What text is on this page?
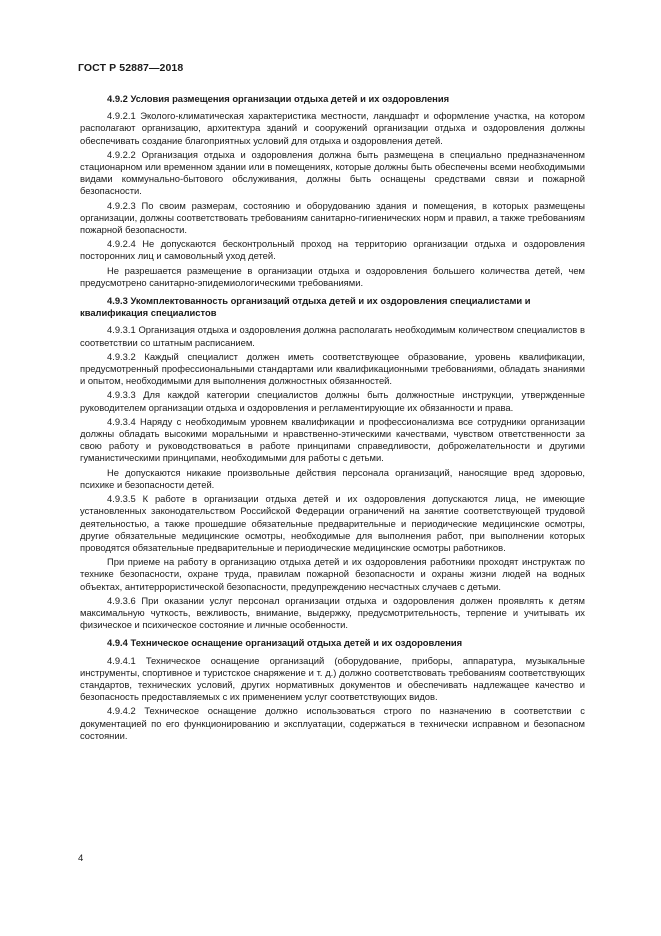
ГОСТ Р 52887—2018

4.9.2 Условия размещения организации отдыха детей и их оздоровления

4.9.2.1 Эколого-климатическая характеристика местности, ландшафт и оформление участка, на котором располагают организацию, архитектура зданий и сооружений организации отдыха и оздоровления должны обеспечивать создание благоприятных условий для отдыха и оздоровления детей.

4.9.2.2 Организация отдыха и оздоровления должна быть размещена в специально предназначенном стационарном или временном здании или в помещениях, которые должны быть обеспечены всеми необходимыми видами коммунально-бытового обслуживания, должны быть оснащены средствами связи и пожарной безопасности.

4.9.2.3 По своим размерам, состоянию и оборудованию здания и помещения, в которых размещены организации, должны соответствовать требованиям санитарно-гигиенических норм и правил, а также требованиям пожарной безопасности.

4.9.2.4 Не допускаются бесконтрольный проход на территорию организации отдыха и оздоровления посторонних лиц и самовольный уход детей.

Не разрешается размещение в организации отдыха и оздоровления большего количества детей, чем предусмотрено санитарно-эпидемиологическими требованиями.

4.9.3 Укомплектованность организаций отдыха детей и их оздоровления специалистами и квалификация специалистов

4.9.3.1 Организация отдыха и оздоровления должна располагать необходимым количеством специалистов в соответствии со штатным расписанием.

4.9.3.2 Каждый специалист должен иметь соответствующее образование, уровень квалификации, предусмотренный профессиональными стандартами или квалификационными требованиями, обладать знаниями и опытом, необходимыми для выполнения должностных обязанностей.

4.9.3.3 Для каждой категории специалистов должны быть должностные инструкции, утвержденные руководителем организации отдыха и оздоровления и регламентирующие их обязанности и права.

4.9.3.4 Наряду с необходимым уровнем квалификации и профессионализма все сотрудники организации должны обладать высокими моральными и нравственно-этическими качествами, чувством ответственности за свою работу и руководствоваться в работе принципами справедливости, доброжелательности и другими гуманистическими принципами, необходимыми для работы с детьми.

Не допускаются никакие произвольные действия персонала организаций, наносящие вред здоровью, психике и безопасности детей.

4.9.3.5 К работе в организации отдыха детей и их оздоровления допускаются лица, не имеющие установленных законодательством Российской Федерации ограничений на занятие соответствующей трудовой деятельностью, а также прошедшие обязательные предварительные и периодические медицинские осмотры, другие обязательные медицинские осмотры, необходимые для выполнения работ, при выполнении которых проводятся обязательные предварительные и периодические медицинские осмотры работников.

При приеме на работу в организацию отдыха детей и их оздоровления работники проходят инструктаж по технике безопасности, охране труда, правилам пожарной безопасности и охраны жизни людей на водных объектах, антитеррористической безопасности, предупреждению несчастных случаев с детьми.

4.9.3.6 При оказании услуг персонал организации отдыха и оздоровления должен проявлять к детям максимальную чуткость, вежливость, внимание, выдержку, предусмотрительность, терпение и учитывать их физическое и психическое состояние и личные особенности.

4.9.4 Техническое оснащение организаций отдыха детей и их оздоровления

4.9.4.1 Техническое оснащение организаций (оборудование, приборы, аппаратура, музыкальные инструменты, спортивное и туристское снаряжение и т. д.) должно соответствовать требованиям соответствующих стандартов, технических условий, других нормативных документов и обеспечивать надлежащее качество и безопасность предоставляемых с их применением услуг соответствующих видов.

4.9.4.2 Техническое оснащение должно использоваться строго по назначению в соответствии с документацией по его функционированию и эксплуатации, содержаться в технически исправном и безопасном состоянии.

4
